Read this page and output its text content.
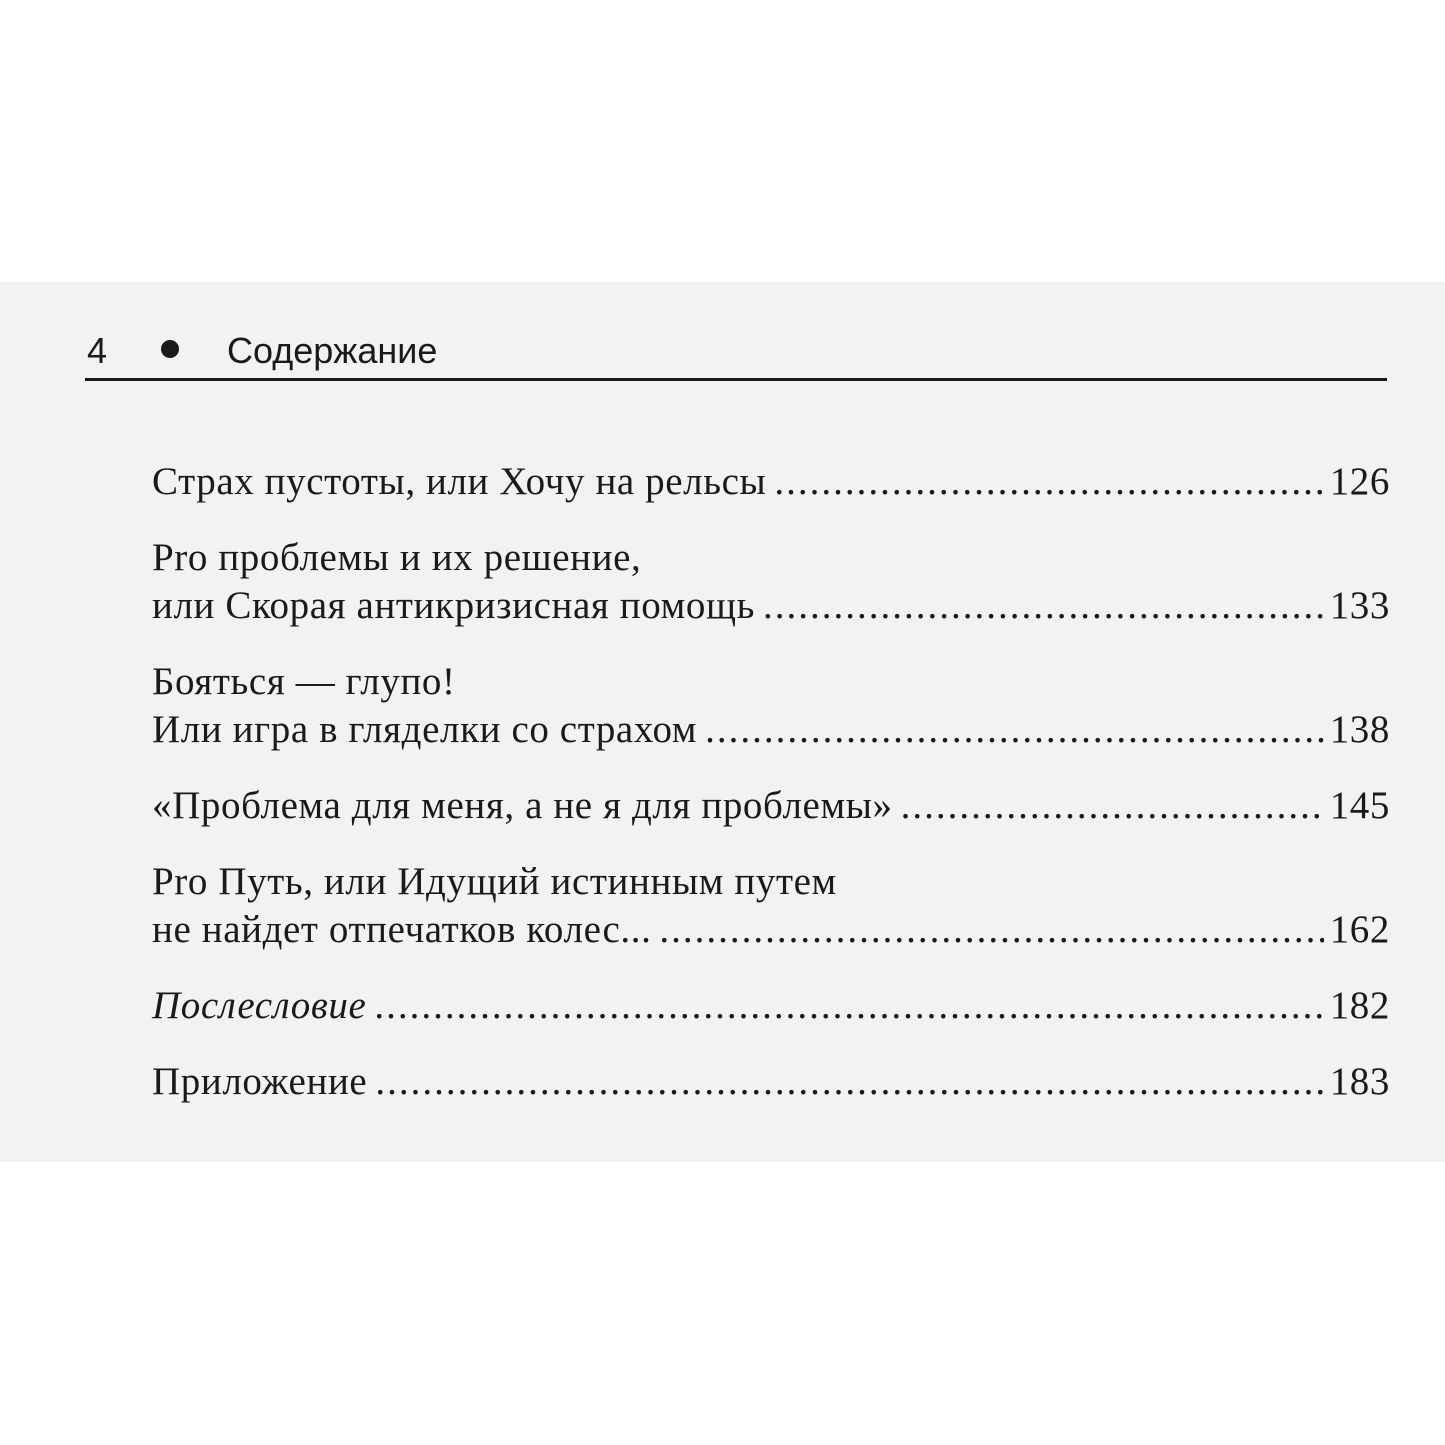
4	Содержание
Страх пустоты, или Хочу на рельсы .....	126
Pro проблемы и их решение,
или Скорая антикризисная помощь .....	133
Бояться — глупо!
Или игра в гляделки со страхом .....	138
«Проблема для меня, а не я для проблемы» .....	145
Pro Путь, или Идущий истинным путем
не найдет отпечатков колес... .....	162
Послесловие .....	182
Приложение .....	183
